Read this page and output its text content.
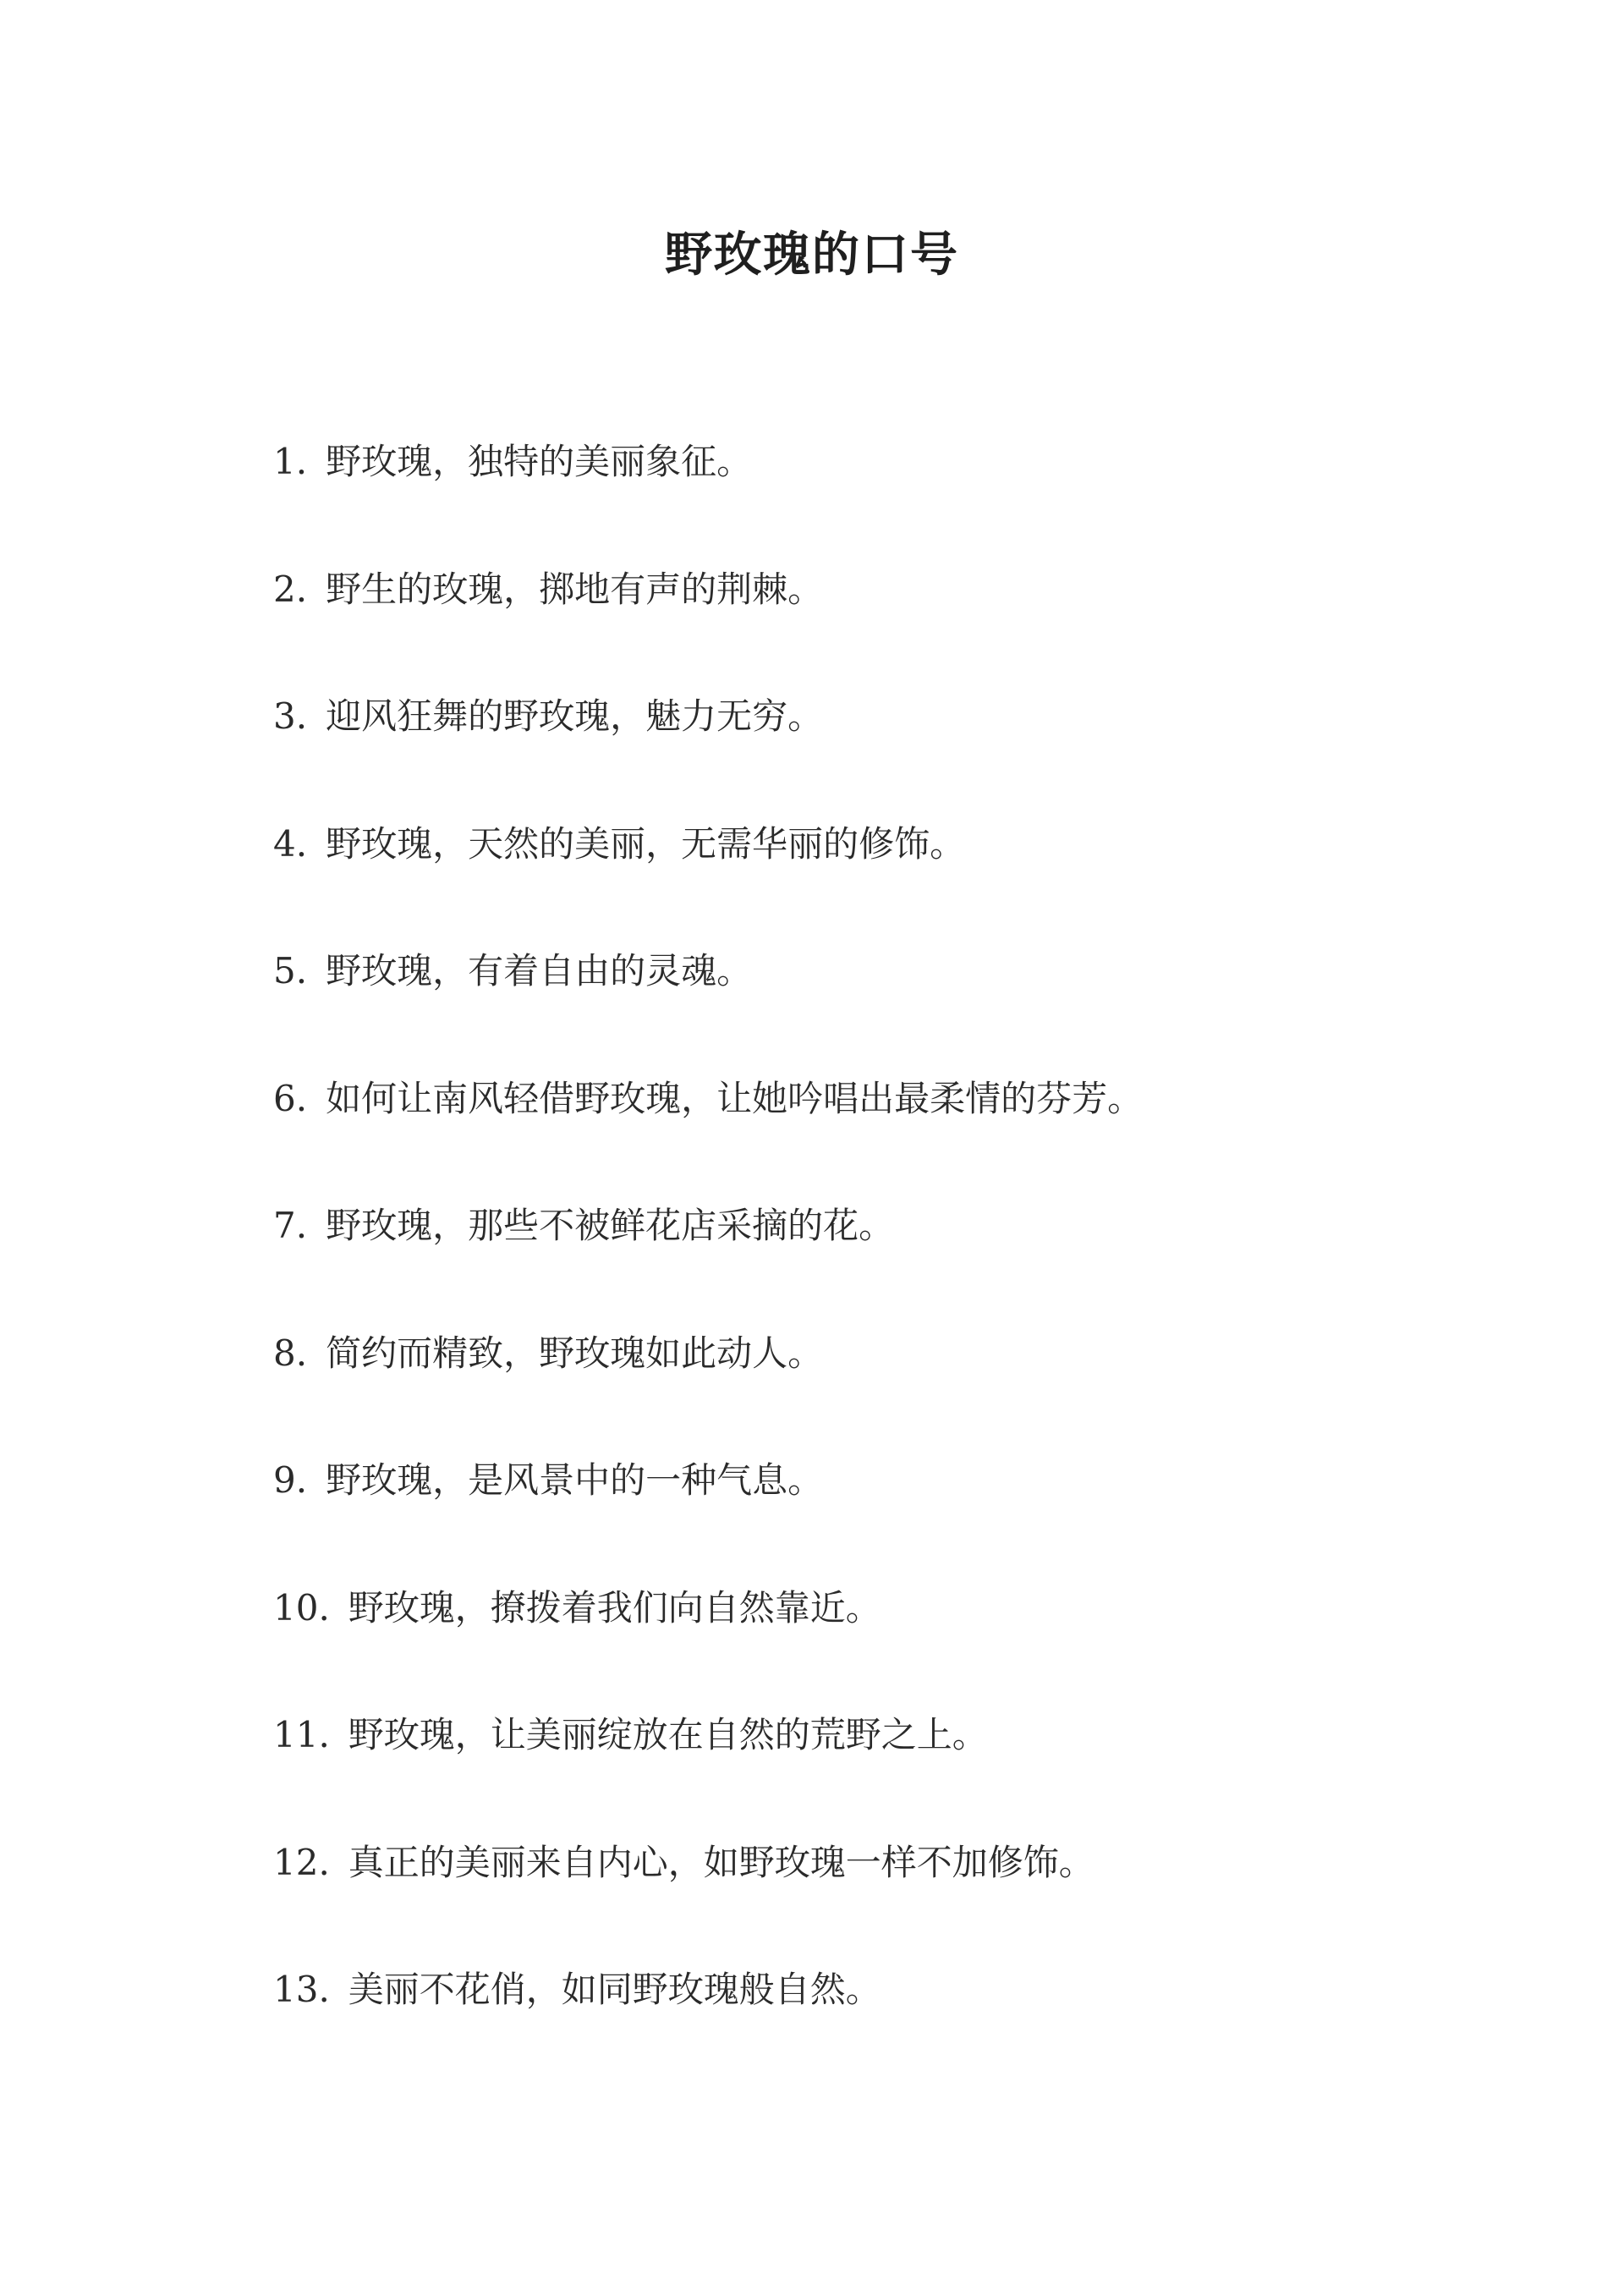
野玫瑰的口号
1. 野玫瑰，独特的美丽象征。
2. 野生的玫瑰，掷地有声的荆棘。
3. 迎风狂舞的野玫瑰，魅力无穷。
4. 野玫瑰，天然的美丽，无需华丽的修饰。
5. 野玫瑰，有着自由的灵魂。
6. 如何让南风轻借野玫瑰，让她吟唱出最柔情的芬芳。
7. 野玫瑰，那些不被鲜花店采摘的花。
8. 简约而精致，野玫瑰如此动人。
9. 野玫瑰，是风景中的一种气息。
10. 野玫瑰，撩拨着我们向自然靠近。
11. 野玫瑰，让美丽绽放在自然的荒野之上。
12. 真正的美丽来自内心，如野玫瑰一样不加修饰。
13. 美丽不花俏，如同野玫瑰般自然。
